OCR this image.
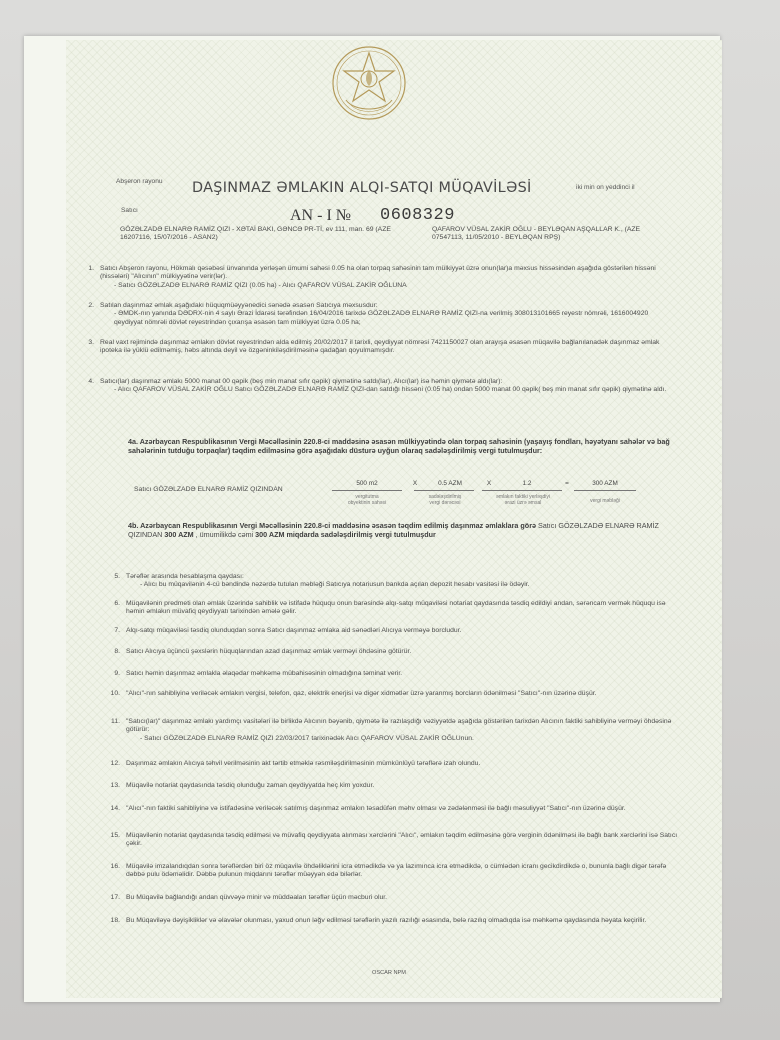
Abşeron rayonu DAŞINMAZ ƏMLAKIN ALQI-SATQI MÜQAVİLƏSİ	iki min on yeddinci il
Satıcı	AN - I № 0608329
GÖZƏLZADƏ ELNARƏ RAMİZ QIZI - XƏTAİ BAKI, GƏNCƏ PR-Tİ, ev 111, man. 69 (AZE 16207116, 15/07/2016 - ASAN2)
QAFAROV VÜSAL ZAKİR OĞLU - BEYLƏQAN AŞQALLAR K., (AZE 07547113, 11/05/2010 - BEYLƏQAN RPŞ)
1. Satıcı Abşeron rayonu, Hökmalı qəsəbəsi ünvanında yerləşən ümumi sahəsi 0.05 ha olan torpaq sahəsinin tam mülkiyyət üzrə onun(lar)a məxsus hissəsindən aşağıda göstərilən hissəni (hissələri) "Alıcının" mülkiyyətinə verir(lər).
- Satıcı GÖZƏLZADƏ ELNARƏ RAMİZ QIZI (0.05 ha) - Alıcı QAFAROV VÜSAL ZAKİR OĞLUNA
2. Satılan daşınmaz əmlak aşağıdakı hüquqmüəyyənedici sənədə əsasən Satıcıya məxsusdur:
- ƏMDK-nın yanında DƏDRX-nin 4 saylı Ərazi İdarəsi tərəfindən 16/04/2016 tarixdə GÖZƏLZADƏ ELNARƏ RAMİZ QIZI-na verilmiş 308013101665 reyestr nömrəli, 1616004920 qeydiyyat nömrəli dövlət reyestrindən çıxarışa əsasən tam mülkiyyət üzrə 0.05 ha;
3. Real vaxt rejimində daşınmaz əmlakın dövlət reyestrindən alda edilmiş 20/02/2017 il tarixli, qeydiyyat nömrəsi 7421150027 olan arayışa əsasən müqavilə bağlanılanadək daşınmaz əmlak ipoteka ilə yüklü edilməmiş, həbs altında deyil və özgəninkiləşdirilməsinə qadağan qoyulmamışdır.
4. Satıcı(lar) daşınmaz əmlakı 5000 manat 00 qəpik (beş min manat sıfır qəpik) qiymətinə satdı(lar), Alıcı(lar) isə həmin qiymətə aldı(lar):
- Alıcı QAFAROV VÜSAL ZAKİR OĞLU Satıcı GÖZƏLZADƏ ELNARƏ RAMİZ QIZI-dan satdığı hissəni (0.05 ha) ondan 5000 manat 00 qəpik( beş min manat sıfır qəpik) qiymətinə aldı.
4a. Azərbaycan Respublikasının Vergi Məcəlləsinin 220.8-ci maddəsinə əsasən mülkiyyətində olan torpaq sahəsinin (yaşayış fondları, həyətyanı sahələr və bağ sahələrinin tutduğu torpaqlar) təqdim edilməsinə görə aşağıdakı düsturə uyğun olaraq sadələşdirilmiş vergi tutulmuşdur:
Satıcı GÖZƏLZADƏ ELNARƏ RAMİZ QIZINDAN
500 m2	X	0.5 AZM	X	1.2	=	300 AZM
vergitutma
obyektinin sahəsi
sadələşdirilmiş
vergi dərəcəsi
əmlakın faktiki yerləşdiyi
ərazi üzrə əmsal	vergi məbləği
4b. Azərbaycan Respublikasının Vergi Məcəlləsinin 220.8-ci maddəsinə əsasən təqdim edilmiş daşınmaz əmlaklara görə Satıcı GÖZƏLZADƏ ELNARƏ RAMİZ QIZINDAN 300 AZM , ümumilikdə cəmi 300 AZM miqdarda sadələşdirilmiş vergi tutulmuşdur
5. Tərəflər arasında hesablaşma qaydası:
- Alıcı bu müqavilənin 4-cü bəndində nəzərdə tutulan məbləği Satıcıya notariusun bankda açılan depozit hesabı vasitəsi ilə ödəyir.
6. Müqavilənin predmeti olan əmlak üzərində sahiblik və istifadə hüququ onun barəsində alqı-satqı müqaviləsi notariat qaydasında təsdiq edildiyi andan, sərəncam vermək hüququ isə həmin əmlakın müvafiq qeydiyyatı tarixindən əmələ gəlir.
7. Alqı-satqı müqaviləsi təsdiq olunduqdan sonra Satıcı daşınmaz əmlaka aid sənədləri Alıcıya verməyə borcludur.
8. Satıcı Alıcıya üçüncü şəxslərin hüquqlarından azad daşınmaz əmlak verməyi öhdəsinə götürür.
9. Satıcı həmin daşınmaz əmlakla əlaqədar məhkəmə mübahisəsinin olmadığına təminat verir.
10. "Alıcı"-nın sahibliyinə veriləcək əmlakın vergisi, telefon, qaz, elektrik enerjisi və digər xidmətlər üzrə yaranmış borcların ödənilməsi "Satıcı"-nın üzərinə düşür.
11. "Satıcı(lar)" daşınmaz əmlakı yardımçı vasitələri ilə birlikdə Alıcının bəyənib, qiymətə ilə razılaşdığı vəziyyətdə aşağıda göstərilən tarixdən Alıcının faktiki sahibliyinə verməyi öhdəsinə götürür:
- Satıcı GÖZƏLZADƏ ELNARƏ RAMİZ QIZI 22/03/2017 tarixinədək Alıcı QAFAROV VÜSAL ZAKİR OĞLUnun.
12. Daşınmaz əmlakın Alıcıya təhvil verilməsinin akt tərtib etməklə rəsmiləşdirilməsinin mümkünlüyü tərəflərə izah olundu.
13. Müqavilə notariat qaydasında təsdiq olunduğu zaman qeydiyyatda heç kim yoxdur.
14. "Alıcı"-nın faktiki sahibliyinə və istifadəsinə veriləcək satılmış daşınmaz əmlakın təsadüfən məhv olması və zədələnməsi ilə bağlı məsuliyyət "Satıcı"-nın üzərinə düşür.
15. Müqavilənin notariat qaydasında təsdiq edilməsi və müvafiq qeydiyyata alınması xərclərini "Alıcı", əmlakın təqdim edilməsinə görə verginin ödənilməsi ilə bağlı bank xərclərini isə Satıcı çəkir.
16. Müqavilə imzalandıqdan sonra tərəflərdən biri öz müqavilə öhdəliklərini icra etmədikdə və ya lazımınca icra etmədikdə, o cümlədən icranı gecikdirdikdə o, bununla bağlı digər tərəfə dəbbə pulu ödəməlidir. Dəbbə pulunun miqdarını tərəflər müəyyən edə bilərlər.
17. Bu Müqavilə bağlandığı andan qüvvəyə minir və müddəaları tərəflər üçün məcburi olur.
18. Bu Müqaviləyə dəyişikliklər və əlavələr olunması, yaxud onun ləğv edilməsi tərəflərin yazılı razılığı əsasında, belə razılıq olmadıqda isə məhkəmə qaydasında həyata keçirilir.
OSCAR NPM
